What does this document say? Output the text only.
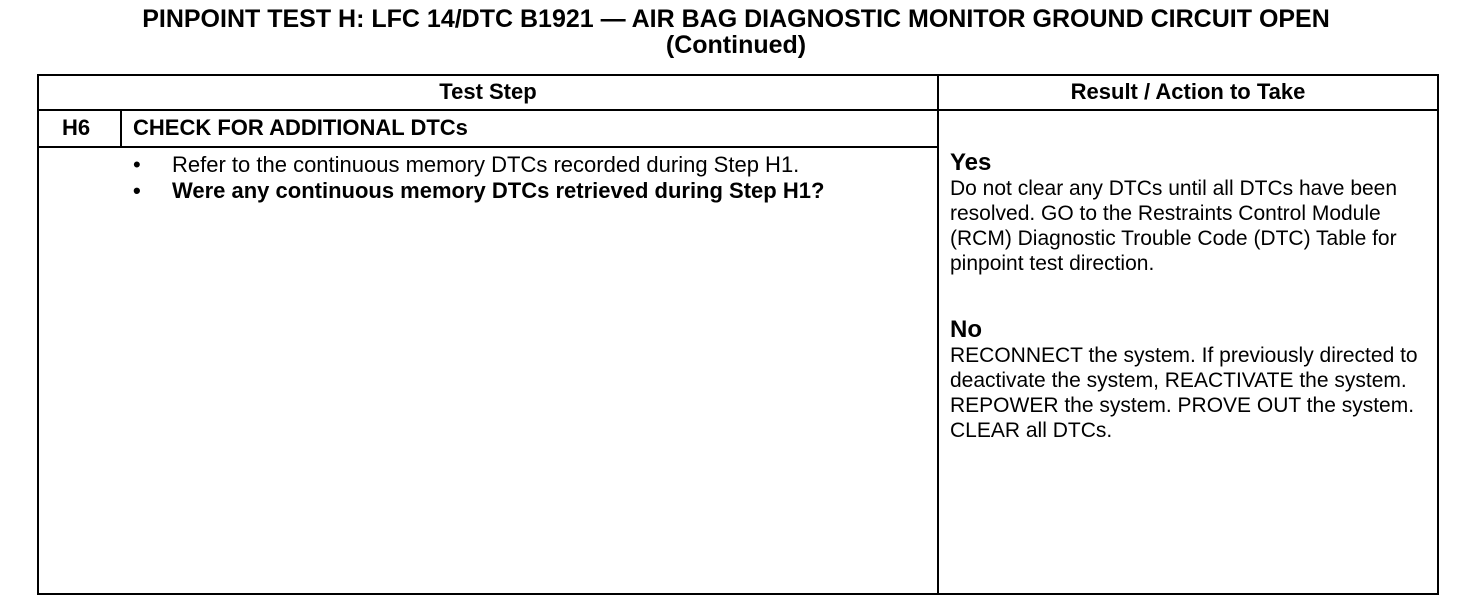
PINPOINT TEST H: LFC 14/DTC B1921 — AIR BAG DIAGNOSTIC MONITOR GROUND CIRCUIT OPEN
(Continued)
Test Step	Result / Action to Take
H6 CHECK FOR ADDITIONAL DTCs
• Refer to the continuous memory DTCs recorded during Step H1.
• Were any continuous memory DTCs retrieved during Step H1?
Yes
Do not clear any DTCs until all DTCs have been resolved. GO to the Restraints Control Module (RCM) Diagnostic Trouble Code (DTC) Table for pinpoint test direction.
No
RECONNECT the system. If previously directed to deactivate the system, REACTIVATE the system. REPOWER the system. PROVE OUT the system. CLEAR all DTCs.
